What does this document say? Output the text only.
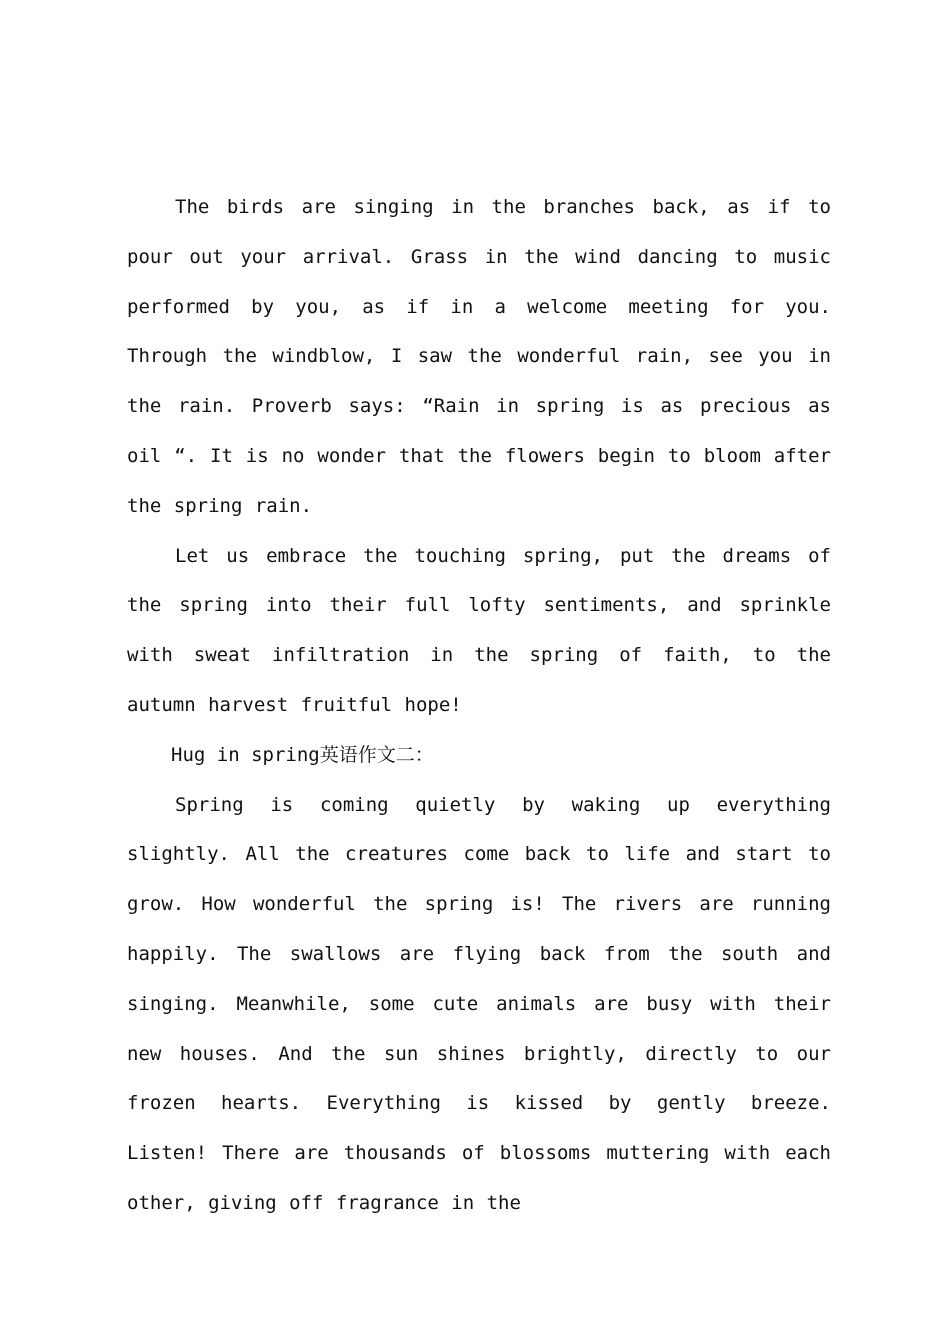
The birds are singing in the branches back, as if to pour out your arrival. Grass in the wind dancing to music performed by you, as if in a welcome meeting for you. Through the windblow, I saw the wonderful rain, see you in the rain. Proverb says: “Rain in spring is as precious as oil “. It is no wonder that the flowers begin to bloom after the spring rain.

Let us embrace the touching spring, put the dreams of the spring into their full lofty sentiments, and sprinkle with sweat infiltration in the spring of faith, to the autumn harvest fruitful hope!

Hug in spring英语作文二：

Spring is coming quietly by waking up everything slightly. All the creatures come back to life and start to grow. How wonderful the spring is! The rivers are running happily. The swallows are flying back from the south and singing. Meanwhile, some cute animals are busy with their new houses. And the sun shines brightly, directly to our frozen hearts. Everything is kissed by gently breeze. Listen! There are thousands of blossoms muttering with each other, giving off fragrance in the
